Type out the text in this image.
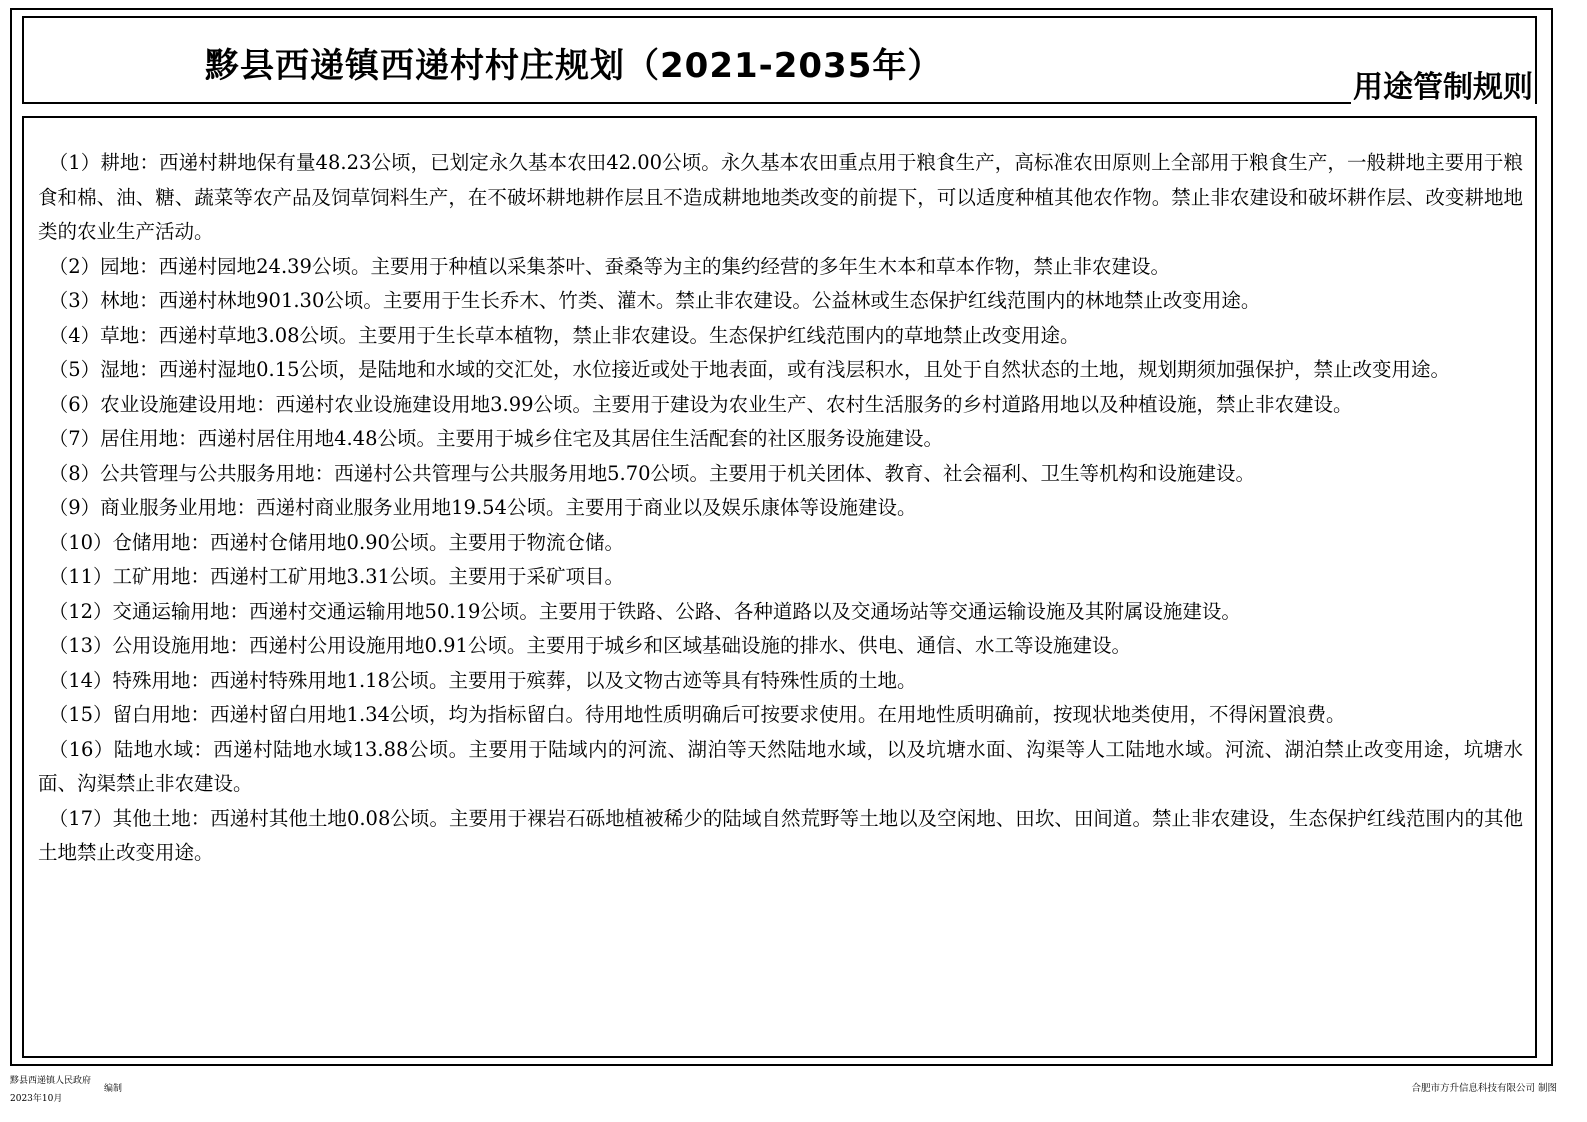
黟县西递镇西递村村庄规划（2021-2035年）
用途管制规则

（1）耕地：西递村耕地保有量48.23公顷，已划定永久基本农田42.00公顷。永久基本农田重点用于粮食生产，高标准农田原则上全部用于粮食生产，一般耕地主要用于粮食和棉、油、糖、蔬菜等农产品及饲草饲料生产，在不破坏耕地耕作层且不造成耕地地类改变的前提下，可以适度种植其他农作物。禁止非农建设和破坏耕作层、改变耕地地类的农业生产活动。

（2）园地：西递村园地24.39公顷。主要用于种植以采集茶叶、蚕桑等为主的集约经营的多年生木本和草本作物，禁止非农建设。

（3）林地：西递村林地901.30公顷。主要用于生长乔木、竹类、灌木。禁止非农建设。公益林或生态保护红线范围内的林地禁止改变用途。

（4）草地：西递村草地3.08公顷。主要用于生长草本植物，禁止非农建设。生态保护红线范围内的草地禁止改变用途。

（5）湿地：西递村湿地0.15公顷，是陆地和水域的交汇处，水位接近或处于地表面，或有浅层积水，且处于自然状态的土地，规划期须加强保护，禁止改变用途。

（6）农业设施建设用地：西递村农业设施建设用地3.99公顷。主要用于建设为农业生产、农村生活服务的乡村道路用地以及种植设施，禁止非农建设。

（7）居住用地：西递村居住用地4.48公顷。主要用于城乡住宅及其居住生活配套的社区服务设施建设。

（8）公共管理与公共服务用地：西递村公共管理与公共服务用地5.70公顷。主要用于机关团体、教育、社会福利、卫生等机构和设施建设。

（9）商业服务业用地：西递村商业服务业用地19.54公顷。主要用于商业以及娱乐康体等设施建设。

（10）仓储用地：西递村仓储用地0.90公顷。主要用于物流仓储。

（11）工矿用地：西递村工矿用地3.31公顷。主要用于采矿项目。

（12）交通运输用地：西递村交通运输用地50.19公顷。主要用于铁路、公路、各种道路以及交通场站等交通运输设施及其附属设施建设。

（13）公用设施用地：西递村公用设施用地0.91公顷。主要用于城乡和区域基础设施的排水、供电、通信、水工等设施建设。

（14）特殊用地：西递村特殊用地1.18公顷。主要用于殡葬，以及文物古迹等具有特殊性质的土地。

（15）留白用地：西递村留白用地1.34公顷，均为指标留白。待用地性质明确后可按要求使用。在用地性质明确前，按现状地类使用，不得闲置浪费。

（16）陆地水域：西递村陆地水域13.88公顷。主要用于陆域内的河流、湖泊等天然陆地水域，以及坑塘水面、沟渠等人工陆地水域。河流、湖泊禁止改变用途，坑塘水面、沟渠禁止非农建设。

（17）其他土地：西递村其他土地0.08公顷。主要用于裸岩石砾地植被稀少的陆域自然荒野等土地以及空闲地、田坎、田间道。禁止非农建设，生态保护红线范围内的其他土地禁止改变用途。

黟县西递镇人民政府
2023年10月
编制	合肥市方升信息科技有限公司 制图
